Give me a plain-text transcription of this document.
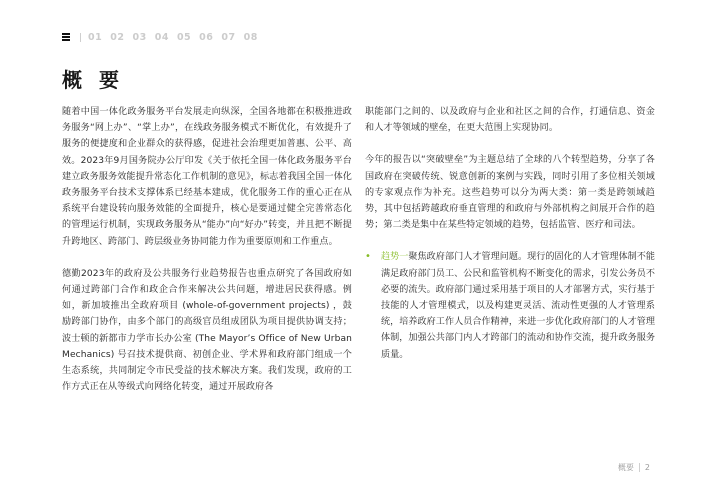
01 02 03 04 05 06 07 08
概 要

随着中国一体化政务服务平台发展走向纵深，全国各地都在积极推进政务服务“网上办”、“掌上办”，在线政务服务模式不断优化，有效提升了服务的便捷度和企业群众的获得感，促进社会治理更加普惠、公平、高效。2023年9月国务院办公厅印发《关于依托全国一体化政务服务平台建立政务服务效能提升常态化工作机制的意见》，标志着我国全国一体化政务服务平台技术支撑体系已经基本建成，优化服务工作的重心正在从系统平台建设转向服务效能的全面提升，核心是要通过健全完善常态化的管理运行机制，实现政务服务从“能办”向“好办”转变，并且把不断提升跨地区、跨部门、跨层级业务协同能力作为重要原则和工作重点。

德勤2023年的政府及公共服务行业趋势报告也重点研究了各国政府如何通过跨部门合作和政企合作来解决公共问题，增进居民获得感。例如，新加坡推出全政府项目 (whole-of-government projects) ，鼓励跨部门协作，由多个部门的高级官员组成团队为项目提供协调支持；波士顿的新都市力学市长办公室 (The Mayor’s Office of New Urban Mechanics) 号召技术提供商、初创企业、学术界和政府部门组成一个生态系统，共同制定令市民受益的技术解决方案。我们发现，政府的工作方式正在从等级式向网络化转变，通过开展政府各

职能部门之间的、以及政府与企业和社区之间的合作，打通信息、资金和人才等领域的壁垒，在更大范围上实现协同。

今年的报告以“突破壁垒”为主题总结了全球的八个转型趋势，分享了各国政府在突破传统、锐意创新的案例与实践，同时引用了多位相关领域的专家观点作为补充。这些趋势可以分为两大类：第一类是跨领域趋势，其中包括跨越政府垂直管理的和政府与外部机构之间展开合作的趋势；第二类是集中在某些特定领域的趋势，包括监管、医疗和司法。

• 趋势一聚焦政府部门人才管理问题。现行的固化的人才管理体制不能满足政府部门员工、公民和监管机构不断变化的需求，引发公务员不必要的流失。政府部门通过采用基于项目的人才部署方式，实行基于技能的人才管理模式，以及构建更灵活、流动性更强的人才管理系统，培养政府工作人员合作精神，来进一步优化政府部门的人才管理体制，加强公共部门内人才跨部门的流动和协作交流，提升政务服务质量。
概要 2
